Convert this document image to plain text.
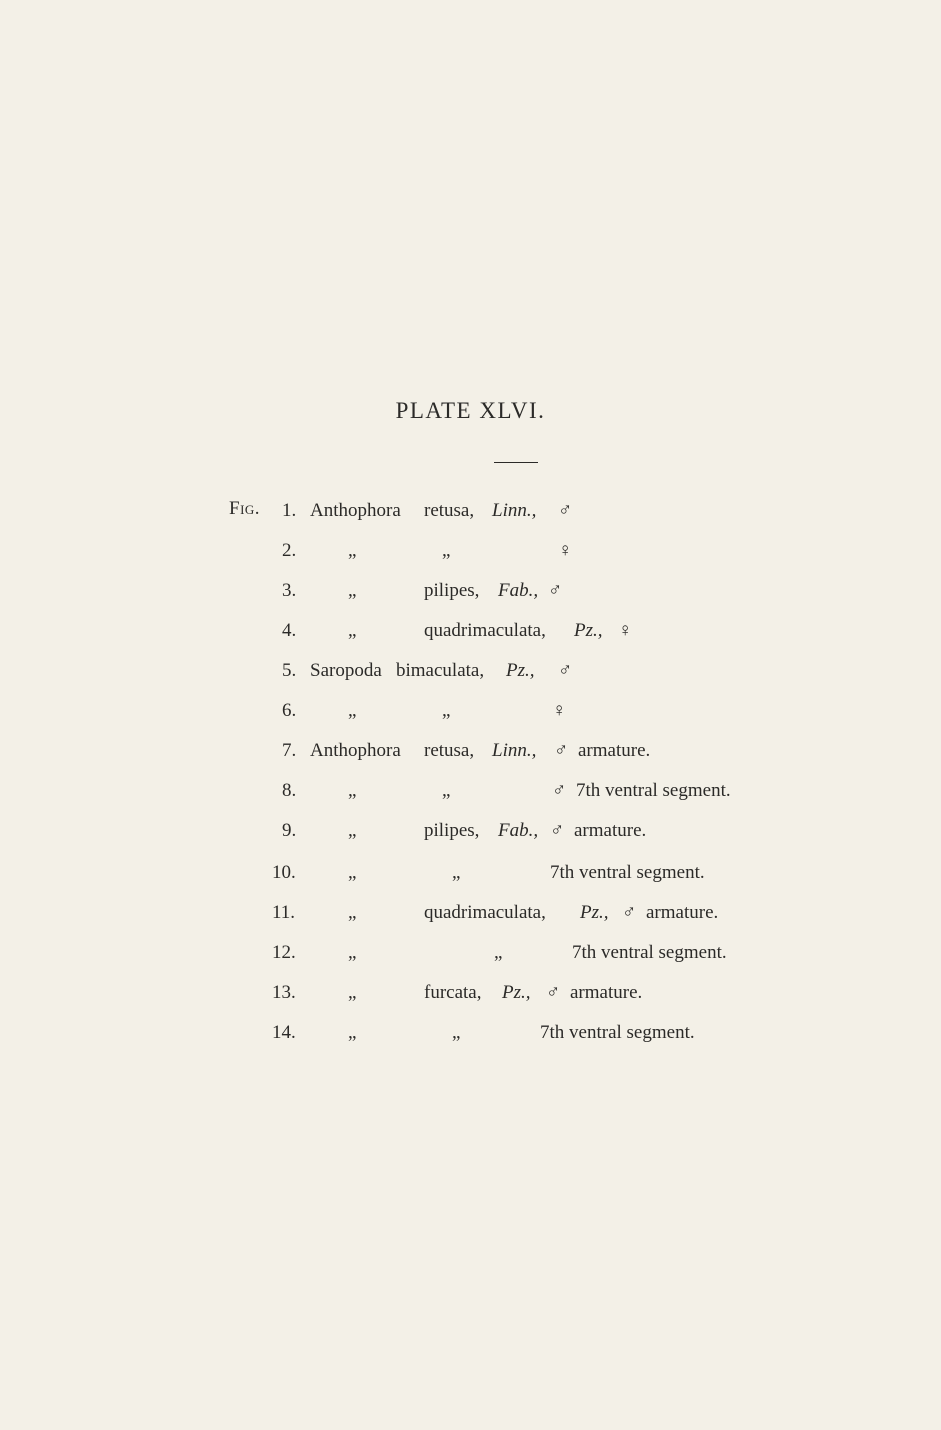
PLATE XLVI.
Fig. 1. Anthophora retusa, Linn., ♂
2.	„	„	♀
3.	„	pilipes, Fab., ♂
4.	„	quadrimaculata, Pz., ♀
5. Saropoda bimaculata, Pz., ♂
6.	„	„	♀
7. Anthophora retusa, Linn., ♂ armature.
8.	„	„	♂ 7th ventral segment.
9.	„	pilipes, Fab., ♂ armature.
10.	„	„	7th ventral segment.
11.	„	quadrimaculata, Pz., ♂ armature.
12.	„	„	7th ventral segment.
13.	„	furcata, Pz., ♂ armature.
14.	„	„	7th ventral segment.
